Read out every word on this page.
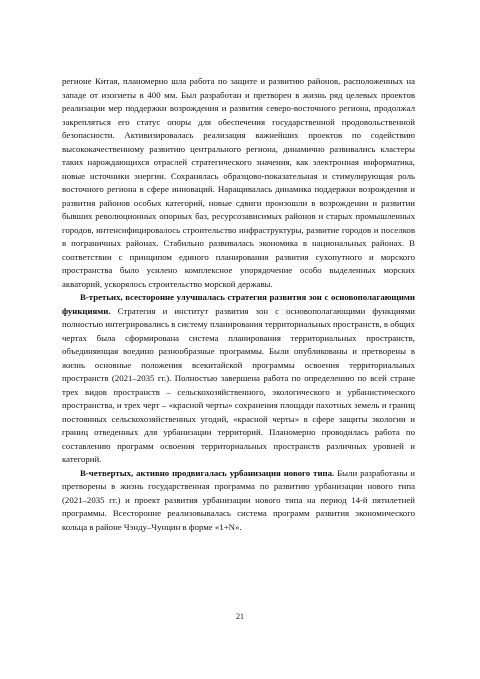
регионе Китая, планомерно шла работа по защите и развитию районов, расположенных на западе от изогиеты в 400 мм. Был разработан и претворен в жизнь ряд целевых проектов реализации мер поддержки возрождения и развития северо-восточного региона, продолжал закрепляться его статус опоры для обеспечения государственной продовольственной безопасности. Активизировалась реализация важнейших проектов по содействию высококачественному развитию центрального региона, динамично развивались кластеры таких нарождающихся отраслей стратегического значения, как электронная информатика, новые источники энергии. Сохранялась образцово-показательная и стимулирующая роль восточного региона в сфере инноваций. Наращивалась динамика поддержки возрождения и развития районов особых категорий, новые сдвиги произошли в возрождении и развитии бывших революционных опорных баз, ресурсозависимых районов и старых промышленных городов, интенсифицировалось строительство инфраструктуры, развитие городов и поселков в пограничных районах. Стабильно развивалась экономика в национальных районах. В соответствии с принципом единого планирования развития сухопутного и морского пространства было усилено комплексное упорядочение особо выделенных морских акваторий, ускорялось строительство морской державы.

В-третьих, всесторонне улучшалась стратегия развития зон с основополагающими функциями. Стратегия и институт развития зон с основополагающими функциями полностью интегрировались в систему планирования территориальных пространств, в общих чертах была сформирована система планирования территориальных пространств, объединяющая воедино разнообразные программы. Были опубликованы и претворены в жизнь основные положения всекитайской программы освоения территориальных пространств (2021–2035 гг.). Полностью завершена работа по определению по всей стране трех видов пространств – сельскохозяйственного, экологического и урбанистического пространства, и трех черт – «красной черты» сохранения площади пахотных земель и границ постоянных сельскохозяйственных угодий, «красной черты» в сфере защиты экологии и границ отведенных для урбанизации территорий. Планомерно проводилась работа по составлению программ освоения территориальных пространств различных уровней и категорий.

В-четвертых, активно продвигалась урбанизация нового типа. Были разработаны и претворены в жизнь государственная программа по развитию урбанизации нового типа (2021–2035 гг.) и проект развития урбанизации нового типа на период 14-й пятилетней программы. Всесторонне реализовывалась система программ развития экономического кольца в районе Чэнду–Чунцин в форме «1+N».

21
